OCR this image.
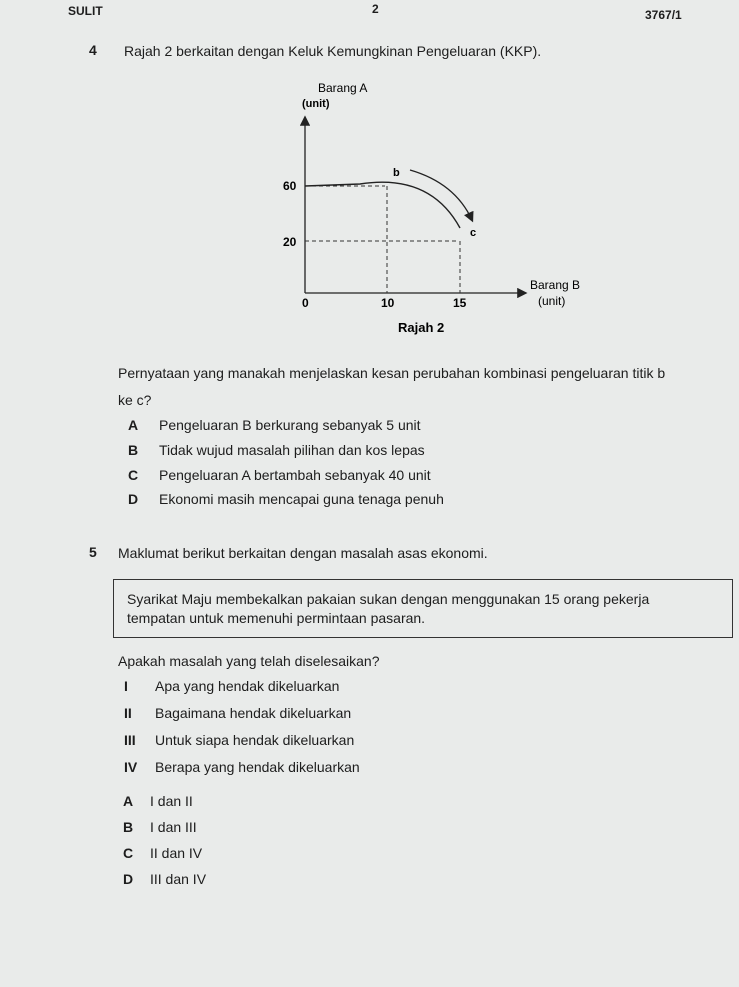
SULIT	2	3767/1
4 Rajah 2 berkaitan dengan Keluk Kemungkinan Pengeluaran (KKP).
Barang A
(unit)
b
c
60
20
0	10	15
Barang B
(unit)
Rajah 2
Pernyataan yang manakah menjelaskan kesan perubahan kombinasi pengeluaran titik b
ke c?
A Pengeluaran B berkurang sebanyak 5 unit
B Tidak wujud masalah pilihan dan kos lepas
C Pengeluaran A bertambah sebanyak 40 unit
D Ekonomi masih mencapai guna tenaga penuh
5 Maklumat berikut berkaitan dengan masalah asas ekonomi.
Syarikat Maju membekalkan pakaian sukan dengan menggunakan 15 orang pekerja
tempatan untuk memenuhi permintaan pasaran.
Apakah masalah yang telah diselesaikan?
I Apa yang hendak dikeluarkan
II Bagaimana hendak dikeluarkan
III Untuk siapa hendak dikeluarkan
IV Berapa yang hendak dikeluarkan
A I dan II
B I dan III
C II dan IV
D III dan IV
